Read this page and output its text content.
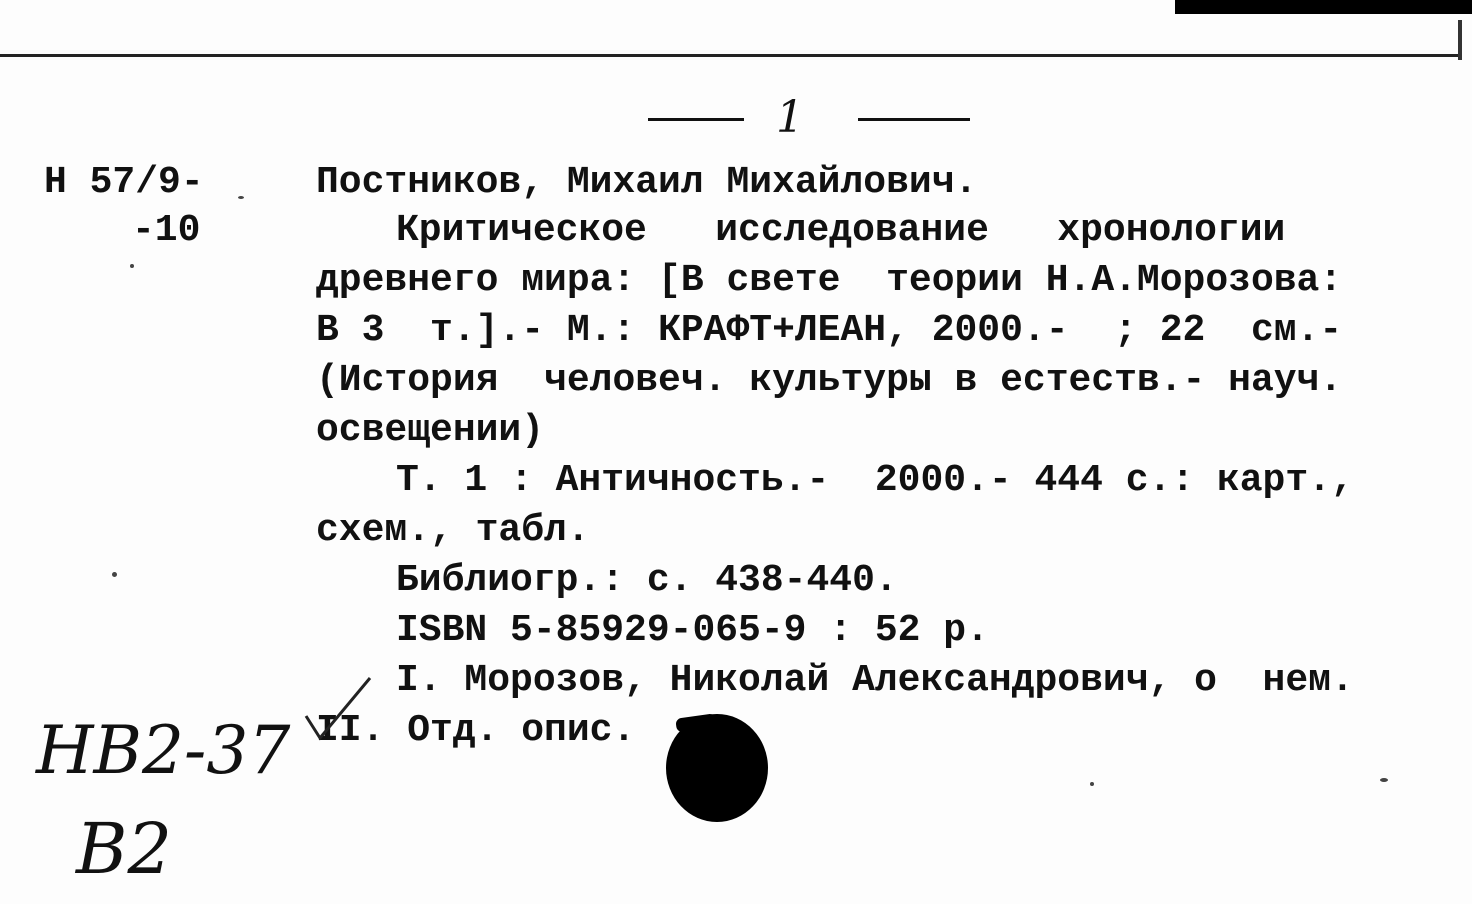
1
Н 57/9-
-10
Постников, Михаил Михайлович.
Критическое   исследование   хронологии
древнего мира: [В свете  теории Н.А.Морозова:
В 3  т.].- М.: КРАФТ+ЛЕАН, 2000.-  ; 22  см.-
(История  человеч. культуры в естеств.- науч.
освещении)
Т. 1 : Античность.-  2000.- 444 с.: карт.,
схем., табл.
Библиогр.: с. 438-440.
ISBN 5-85929-065-9 : 52 р.
I. Морозов, Николай Александрович, о  нем.
II. Отд. опис.
НВ2-37
В2
